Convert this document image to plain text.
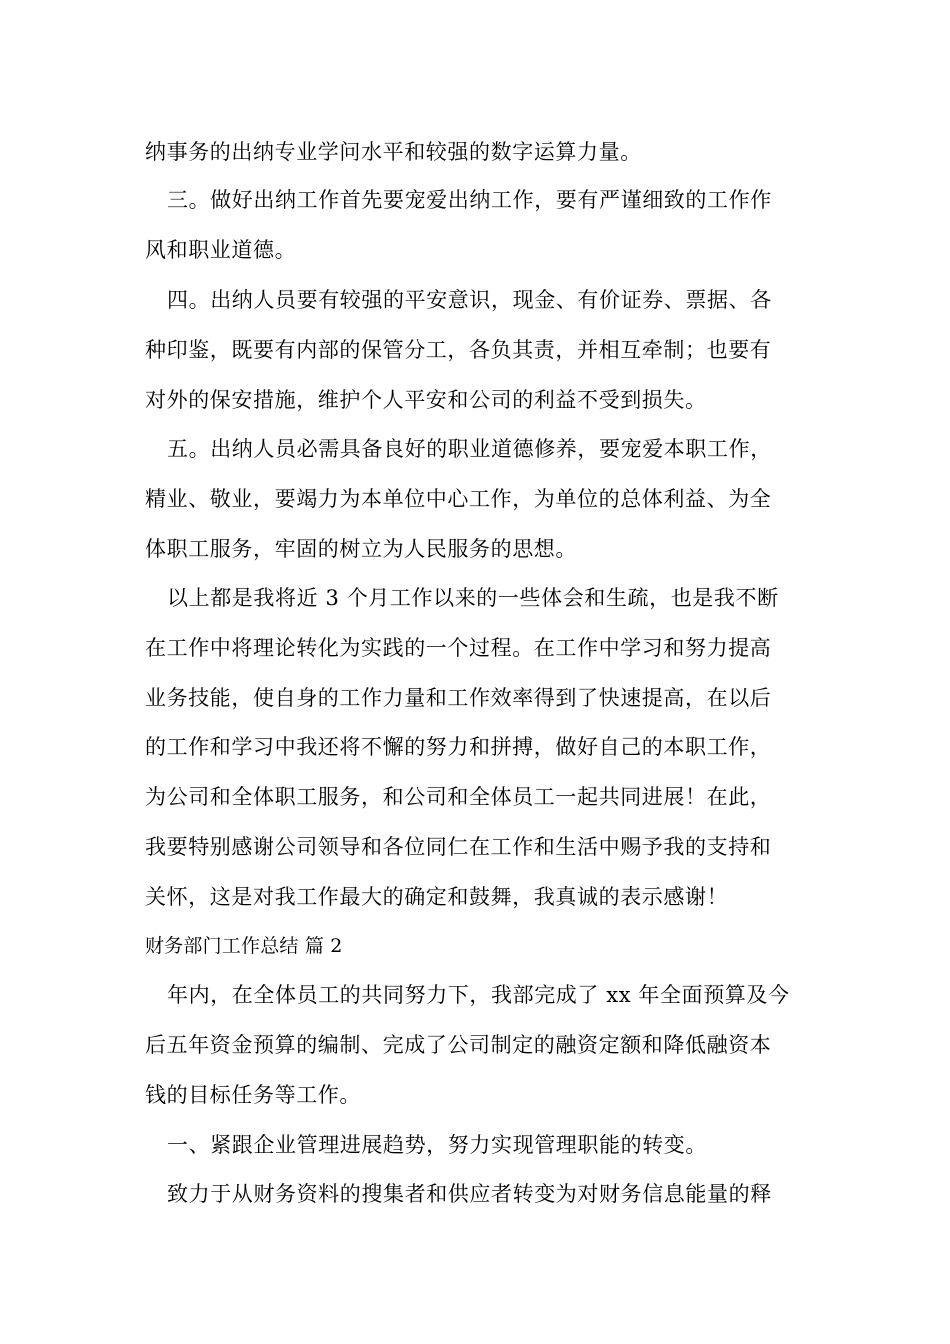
纳事务的出纳专业学问水平和较强的数字运算力量。
三。做好出纳工作首先要宠爱出纳工作，要有严谨细致的工作作
风和职业道德。
四。出纳人员要有较强的平安意识，现金、有价证券、票据、各
种印鉴，既要有内部的保管分工，各负其责，并相互牵制；也要有
对外的保安措施，维护个人平安和公司的利益不受到损失。
五。出纳人员必需具备良好的职业道德修养，要宠爱本职工作，
精业、敬业，要竭力为本单位中心工作，为单位的总体利益、为全
体职工服务，牢固的树立为人民服务的思想。
以上都是我将近 3 个月工作以来的一些体会和生疏，也是我不断
在工作中将理论转化为实践的一个过程。在工作中学习和努力提高
业务技能，使自身的工作力量和工作效率得到了快速提高，在以后
的工作和学习中我还将不懈的努力和拼搏，做好自己的本职工作，
为公司和全体职工服务，和公司和全体员工一起共同进展！在此，
我要特别感谢公司领导和各位同仁在工作和生活中赐予我的支持和
关怀，这是对我工作最大的确定和鼓舞，我真诚的表示感谢！
财务部门工作总结 篇 2
年内，在全体员工的共同努力下，我部完成了 xx 年全面预算及今
后五年资金预算的编制、完成了公司制定的融资定额和降低融资本
钱的目标任务等工作。
一、紧跟企业管理进展趋势，努力实现管理职能的转变。
致力于从财务资料的搜集者和供应者转变为对财务信息能量的释
